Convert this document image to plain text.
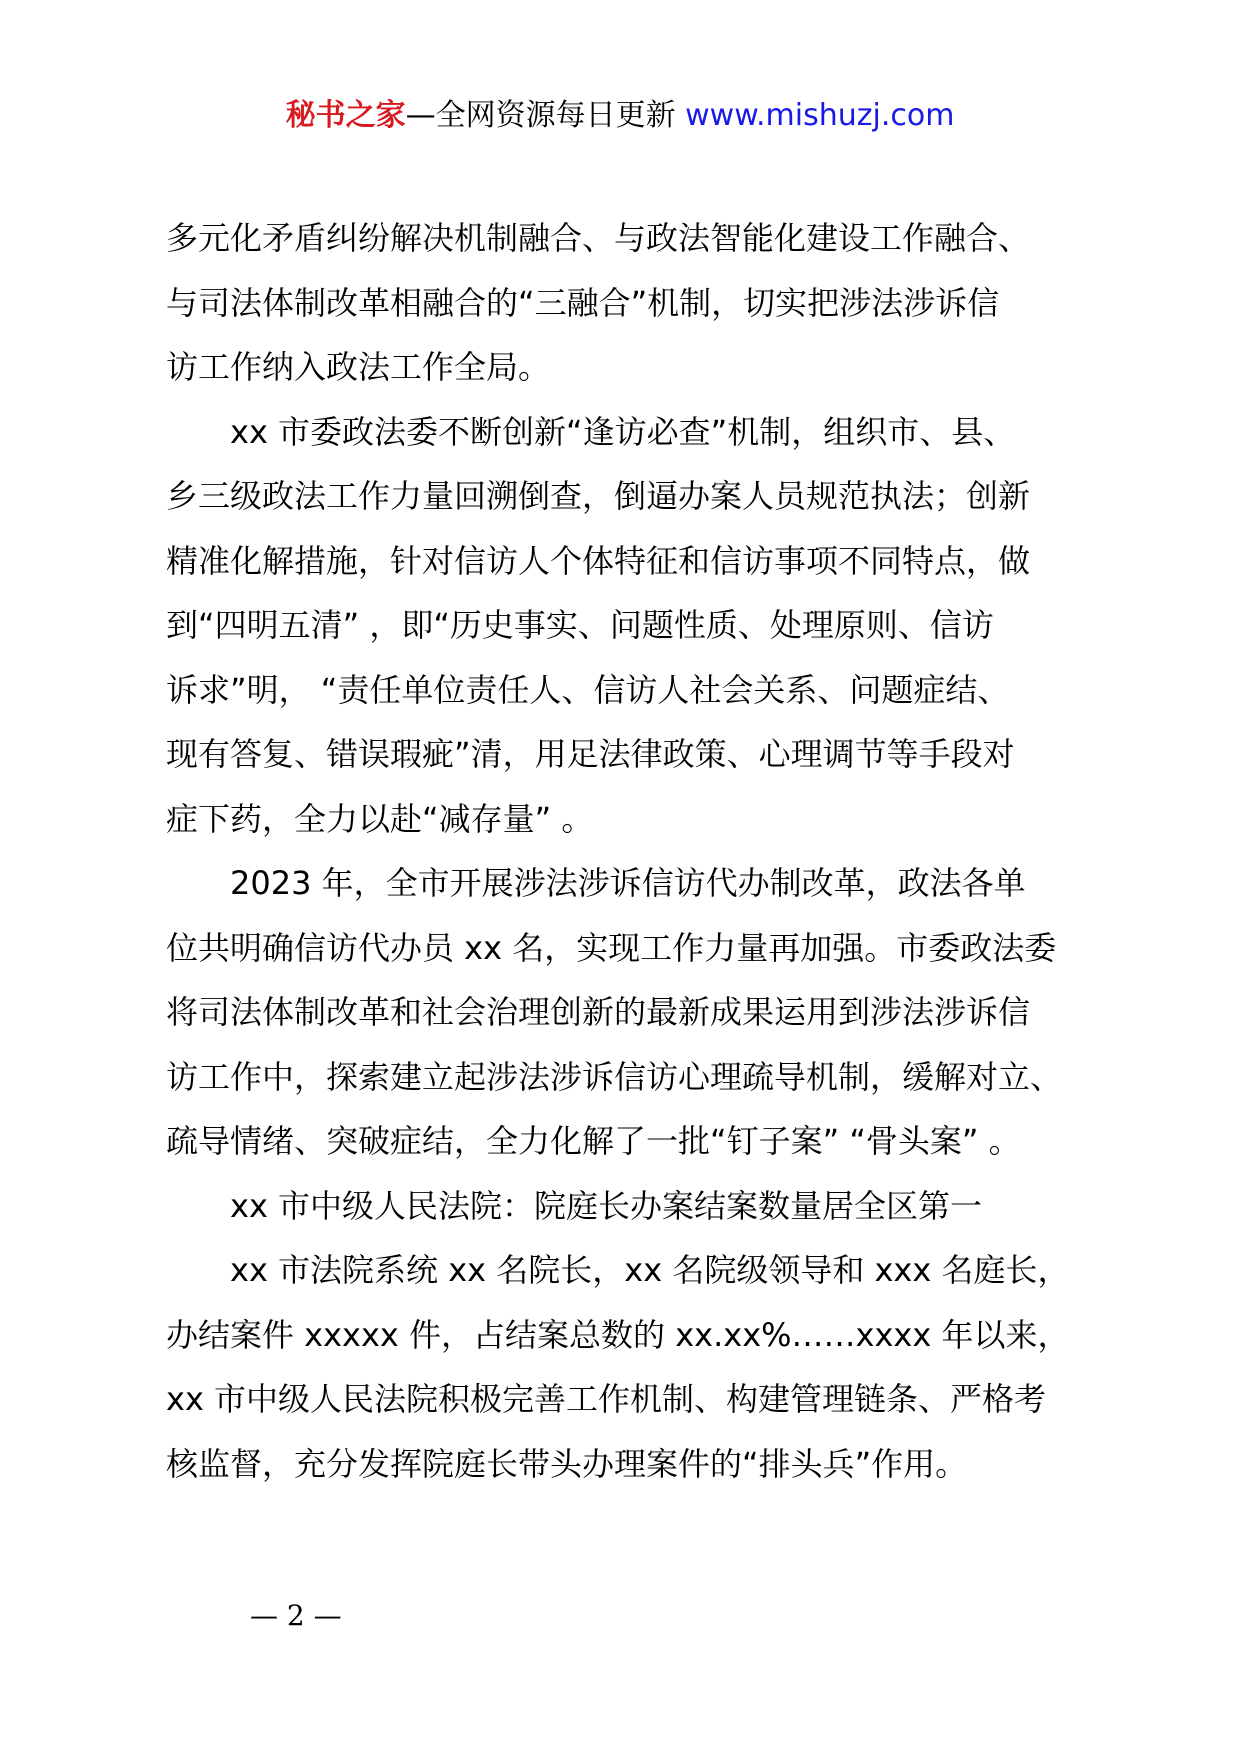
秘书之家—全网资源每日更新 www.mishuzj.com
多元化矛盾纠纷解决机制融合、与政法智能化建设工作融合、
与司法体制改革相融合的“三融合”机制，切实把涉法涉诉信
访工作纳入政法工作全局。
xx 市委政法委不断创新“逢访必查”机制，组织市、县、
乡三级政法工作力量回溯倒查，倒逼办案人员规范执法；创新
精准化解措施，针对信访人个体特征和信访事项不同特点，做
到“四明五清” ，即“历史事实、问题性质、处理原则、信访
诉求”明， “责任单位责任人、信访人社会关系、问题症结、
现有答复、错误瑕疵”清，用足法律政策、心理调节等手段对
症下药，全力以赴“减存量” 。
2023 年，全市开展涉法涉诉信访代办制改革，政法各单
位共明确信访代办员 xx 名，实现工作力量再加强。市委政法委
将司法体制改革和社会治理创新的最新成果运用到涉法涉诉信
访工作中，探索建立起涉法涉诉信访心理疏导机制，缓解对立、
疏导情绪、突破症结，全力化解了一批“钉子案” “骨头案” 。
xx 市中级人民法院：院庭长办案结案数量居全区第一
xx 市法院系统 xx 名院长，xx 名院级领导和 xxx 名庭长，
办结案件 xxxxx 件，占结案总数的 xx.xx%……xxxx 年以来，
xx 市中级人民法院积极完善工作机制、构建管理链条、严格考
核监督，充分发挥院庭长带头办理案件的“排头兵”作用。
— 2 —
